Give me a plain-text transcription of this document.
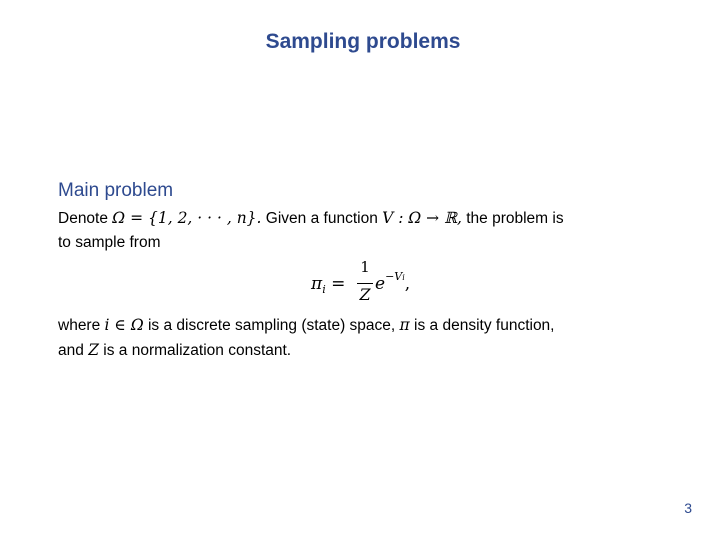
Sampling problems
Main problem
Denote Ω = {1, 2, · · · , n}. Given a function V : Ω → ℝ, the problem is
to sample from
$\pi_i$ =
1
Z
$e^{-Vi}$,
where i ∈ Ω is a discrete sampling (state) space, π is a density function,
and Z is a normalization constant.
3
